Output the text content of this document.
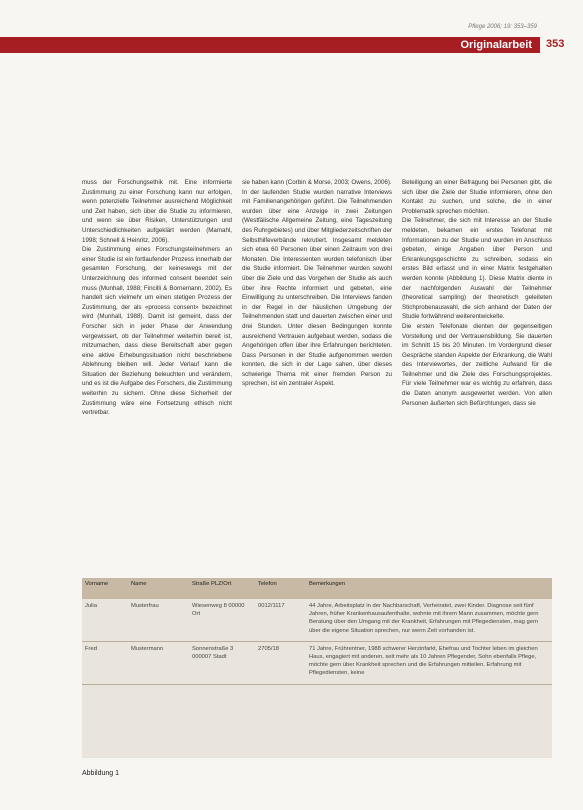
Pflege 2006; 19: 353–359
Originalarbeit 353

muss der Forschungsethik mit. Eine informierte Zustimmung zu einer Forschung kann nur erfolgen, wenn potenzielle Teilnehmer ausreichend Möglichkeit und Zeit haben, sich über die Studie zu informieren, und wenn sie über Risiken, Unterstützungen und Unterschiedlichkeiten aufgeklärt werden (Mamahl, 1998; Schnell & Heinritz, 2006).

Die Zustimmung eines Forschungsteilnehmers an einer Studie ist ein fortlaufender Prozess innerhalb der gesamten Forschung, der keineswegs mit der Unterzeichnung des informed consent beendet sein muss (Munhall, 1988; Fincilli & Bornemann, 2002). Es handelt sich vielmehr um einen stetigen Prozess der Zustimmung, der als «process consent» bezeichnet wird (Munhall, 1988). Damit ist gemeint, dass der Forscher sich in jeder Phase der Anwendung vergewissert, ob der Teilnehmer weiterhin bereit ist, mitzumachen, dass diese Bereitschaft aber gegen eine aktive Erhebungssituation nicht beschriebene Ablehnung bleiben will. Jeder Verlauf kann die Situation der Beziehung beleuchten und verändern, und es ist die Aufgabe des Forschers, die Zustimmung weiterhin zu sichern. Ohne diese Sicherheit der Zustimmung wäre eine Fortsetzung ethisch nicht vertretbar.

sie haben kann (Corbin & Morse, 2003; Owens, 2006).

In der laufenden Studie wurden narrative Interviews mit Familienangehörigen geführt. Die Teilnehmenden wurden über eine Anzeige in zwei Zeitungen (Westfälische Allgemeine Zeitung, eine Tageszeitung des Ruhrgebietes) und über Mitgliederzeitschriften der Selbsthilfeverbände rekrutiert. Insgesamt meldeten sich etwa 60 Personen über einen Zeitraum von drei Monaten. Die Interessenten wurden telefonisch über die Studie informiert. Die Teilnehmer wurden sowohl über die Ziele und das Vorgehen der Studie als auch über ihre Rechte informiert und gebeten, eine Einwilligung zu unterschreiben. Die Interviews fanden in der Regel in der häuslichen Umgebung der Teilnehmenden statt und dauerten zwischen einer und drei Stunden. Unter diesen Bedingungen konnte ausreichend Vertrauen aufgebaut werden, sodass die Angehörigen offen über ihre Erfahrungen berichteten. Dass Personen in der Studie aufgenommen werden konnten, die sich in der Lage sahen, über dieses schwierige Thema mit einer fremden Person zu sprechen, ist ein zentraler Aspekt.

Beteiligung an einer Befragung bei Personen gibt, die sich über die Ziele der Studie informieren, ohne den Kontakt zu suchen, und solche, die in einer Problematik sprechen möchten.

Die Teilnehmer, die sich mit Interesse an der Studie meldeten, bekamen ein erstes Telefonat mit Informationen zu der Studie und wurden im Anschluss gebeten, einige Angaben über Person und Erkrankungsgeschichte zu schreiben, sodass ein erstes Bild erfasst und in einer Matrix festgehalten werden konnte (Abbildung 1). Diese Matrix diente in der nachfolgenden Auswahl der Teilnehmer (theoretical sampling) der theoretisch geleiteten Stichprobenauswahl, die sich anhand der Daten der Studie fortwährend weiterentwickelte.

Die ersten Telefonate dienten der gegenseitigen Vorstellung und der Vertrauensbildung. Sie dauerten im Schnitt 15 bis 20 Minuten. Im Vordergrund dieser Gespräche standen Aspekte der Erkrankung, die Wahl des Interviewortes, der zeitliche Aufwand für die Teilnehmer und die Ziele des Forschungsprojektes. Für viele Teilnehmer war es wichtig zu erfahren, dass die Daten anonym ausgewertet werden. Von allen Personen äußerten sich Befürchtungen, dass sie

Vorname	Name	Straße PLZ/Ort	Telefon	Bemerkungen
Julia	Musterfrau	Wiesenweg 8 00000 Ort	0012/1117	44 Jahre, Arbeitsplatz in der Nachbarschaft, Verheiratet, zwei Kinder. Diagnose seit fünf Jahren, früher Krankenhausaufenthalte, wohnte mit ihrem Mann zusammen, möchte gern Beratung über den Umgang mit der Krankheit, Erfahrungen mit Pflegediensten, mag gern über die eigene Situation sprechen, nur wenn Zeit vorhanden ist.
Fred	Mustermann	Sonnenstraße 3 000007 Stadt	2705/18	71 Jahre, Frührentner, 1988 schwerer Herzinfarkt, Ehefrau und Tochter leben im gleichen Haus, engagiert mit anderen, seit mehr als 10 Jahren Pflegender, Sohn ebenfalls Pflege, möchte gern über Krankheit sprechen und die Erfahrungen mitteilen. Erfahrung mit Pflegediensten, keine
Abbildung 1
